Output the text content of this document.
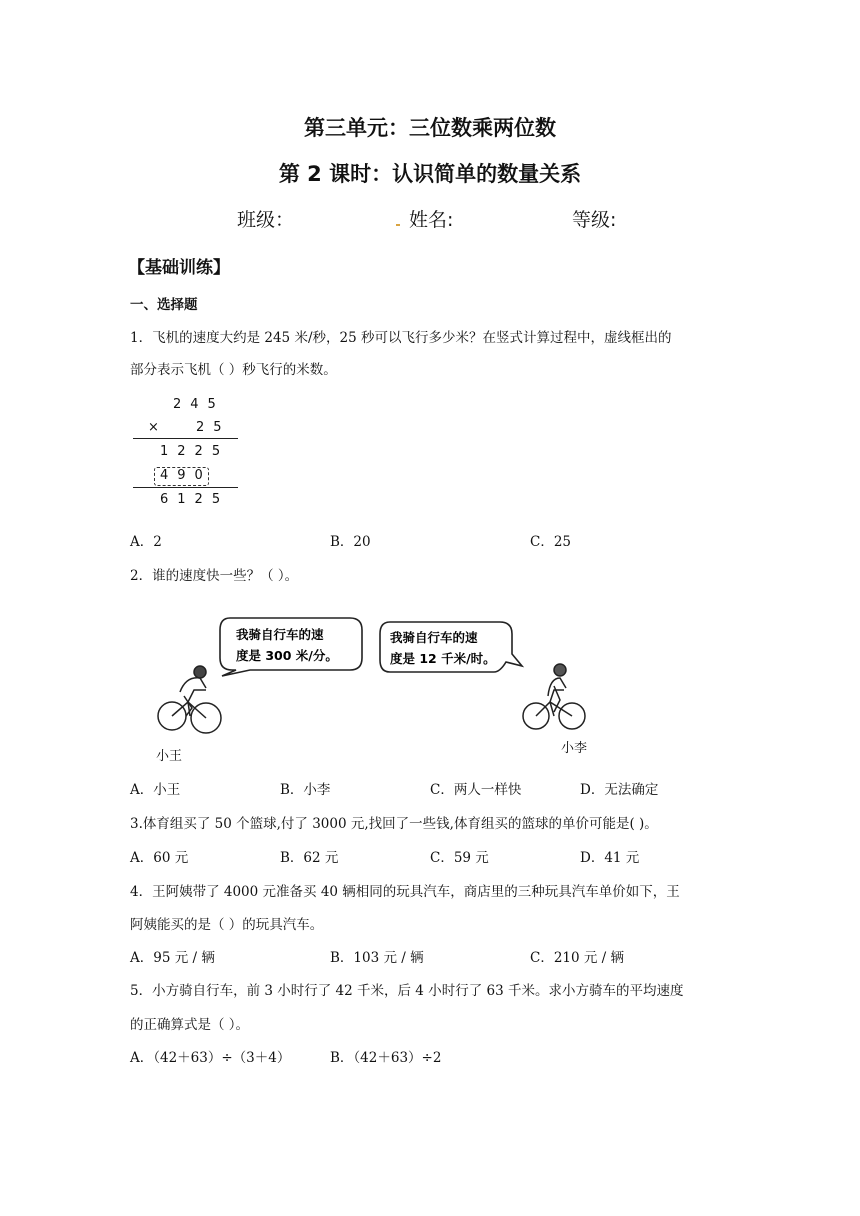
第三单元：三位数乘两位数
第 2 课时：认识简单的数量关系
班级：	姓名:	等级:
【基础训练】
一、选择题
1．飞机的速度大约是 245 米/秒，25 秒可以飞行多少米？在竖式计算过程中，虚线框出的
部分表示飞机（ ）秒飞行的米数。
245
× 25
1225
490
6125
A．2	B．20	C．25
2．谁的速度快一些？（ ）。
我骑自行车的速
度是 300 米/分。
我骑自行车的速
度是 12 千米/时。
小王
小李
A．小王	B．小李	C．两人一样快	D．无法确定
3.体育组买了 50 个篮球,付了 3000 元,找回了一些钱,体育组买的篮球的单价可能是( )。
A．60 元	B．62 元	C．59 元	D．41 元
4．王阿姨带了 4000 元准备买 40 辆相同的玩具汽车，商店里的三种玩具汽车单价如下，王
阿姨能买的是（ ）的玩具汽车。
A．95 元 / 辆	B．103 元 / 辆	C．210 元 / 辆
5．小方骑自行车，前 3 小时行了 42 千米，后 4 小时行了 63 千米。求小方骑车的平均速度
的正确算式是（ ）。
A．（42＋63）÷（3＋4）	B．（42＋63）÷2
